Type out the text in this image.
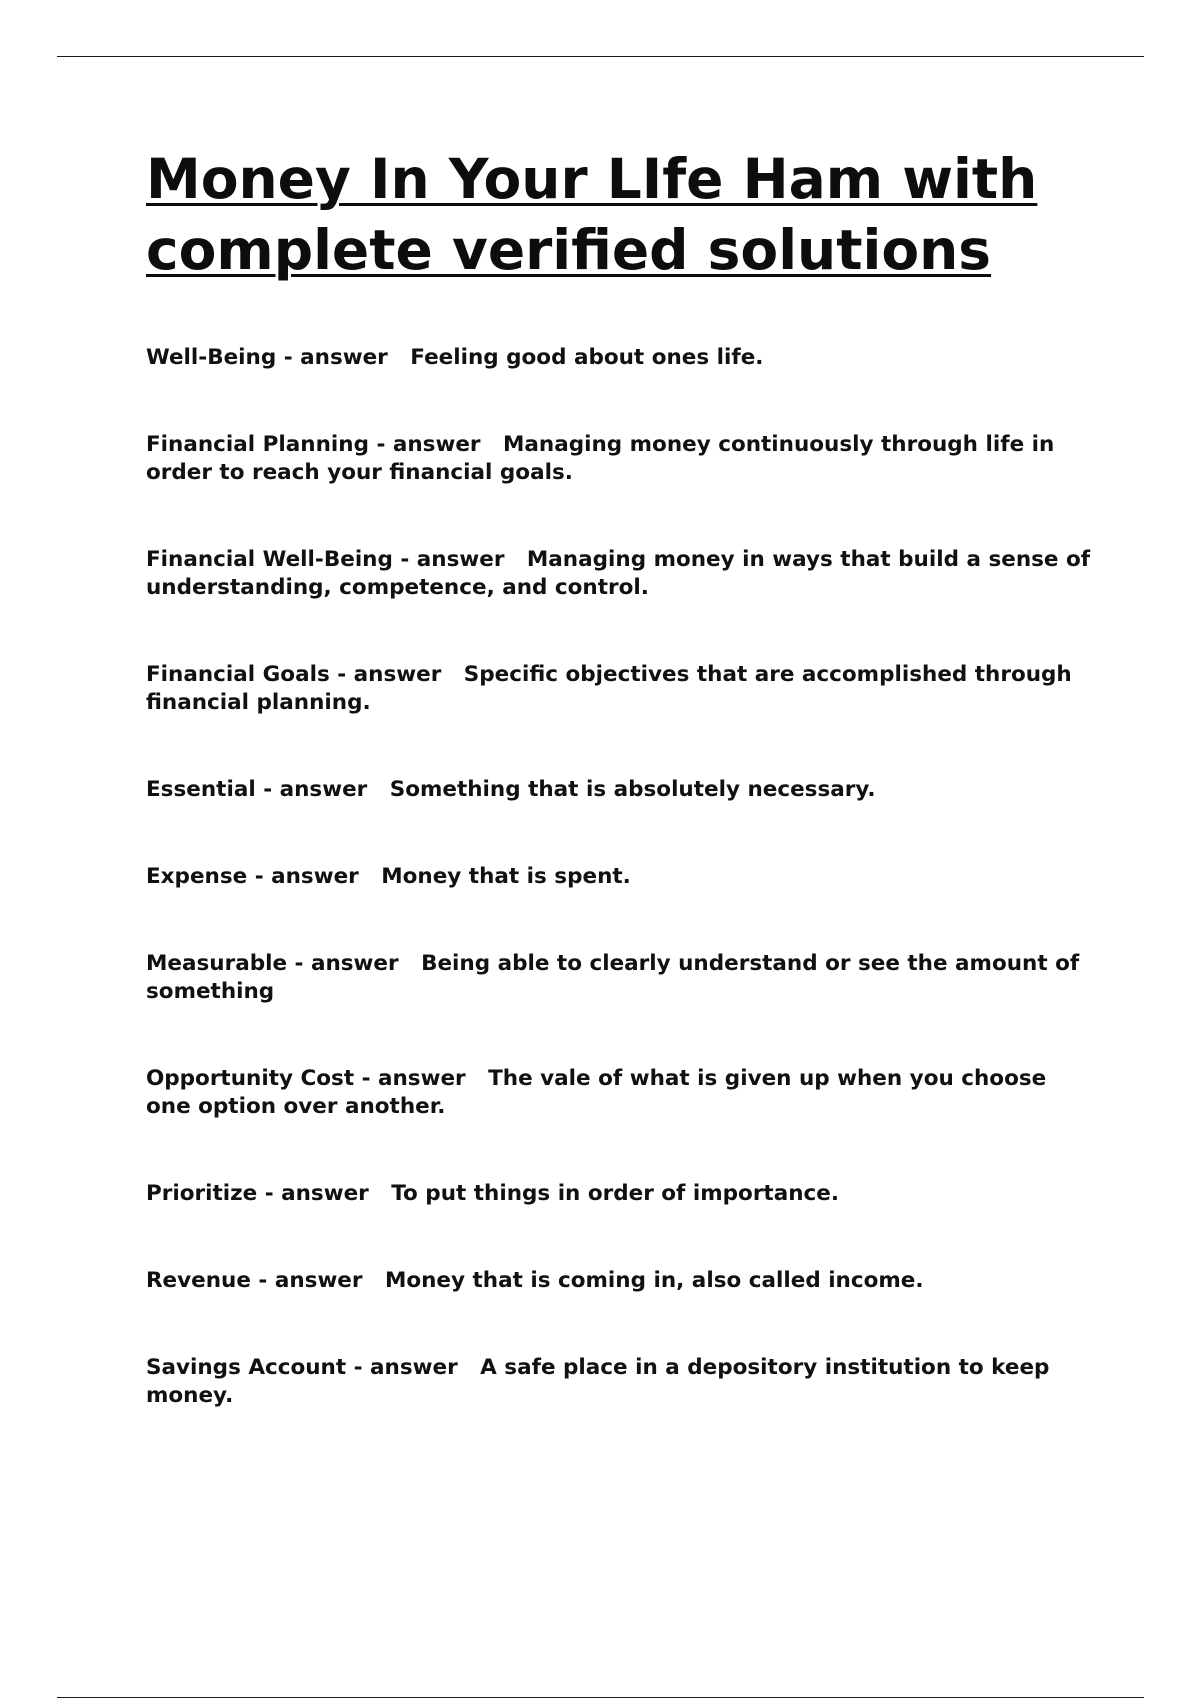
Money In Your LIfe Ham with complete verified solutions
Well-Being - answer   Feeling good about ones life.
Financial Planning - answer   Managing money continuously through life in order to reach your financial goals.
Financial Well-Being - answer   Managing money in ways that build a sense of understanding, competence, and control.
Financial Goals - answer   Specific objectives that are accomplished through financial planning.
Essential - answer   Something that is absolutely necessary.
Expense - answer   Money that is spent.
Measurable - answer   Being able to clearly understand or see the amount of something
Opportunity Cost - answer   The vale of what is given up when you choose one option over another.
Prioritize - answer   To put things in order of importance.
Revenue - answer   Money that is coming in, also called income.
Savings Account - answer   A safe place in a depository institution to keep money.
